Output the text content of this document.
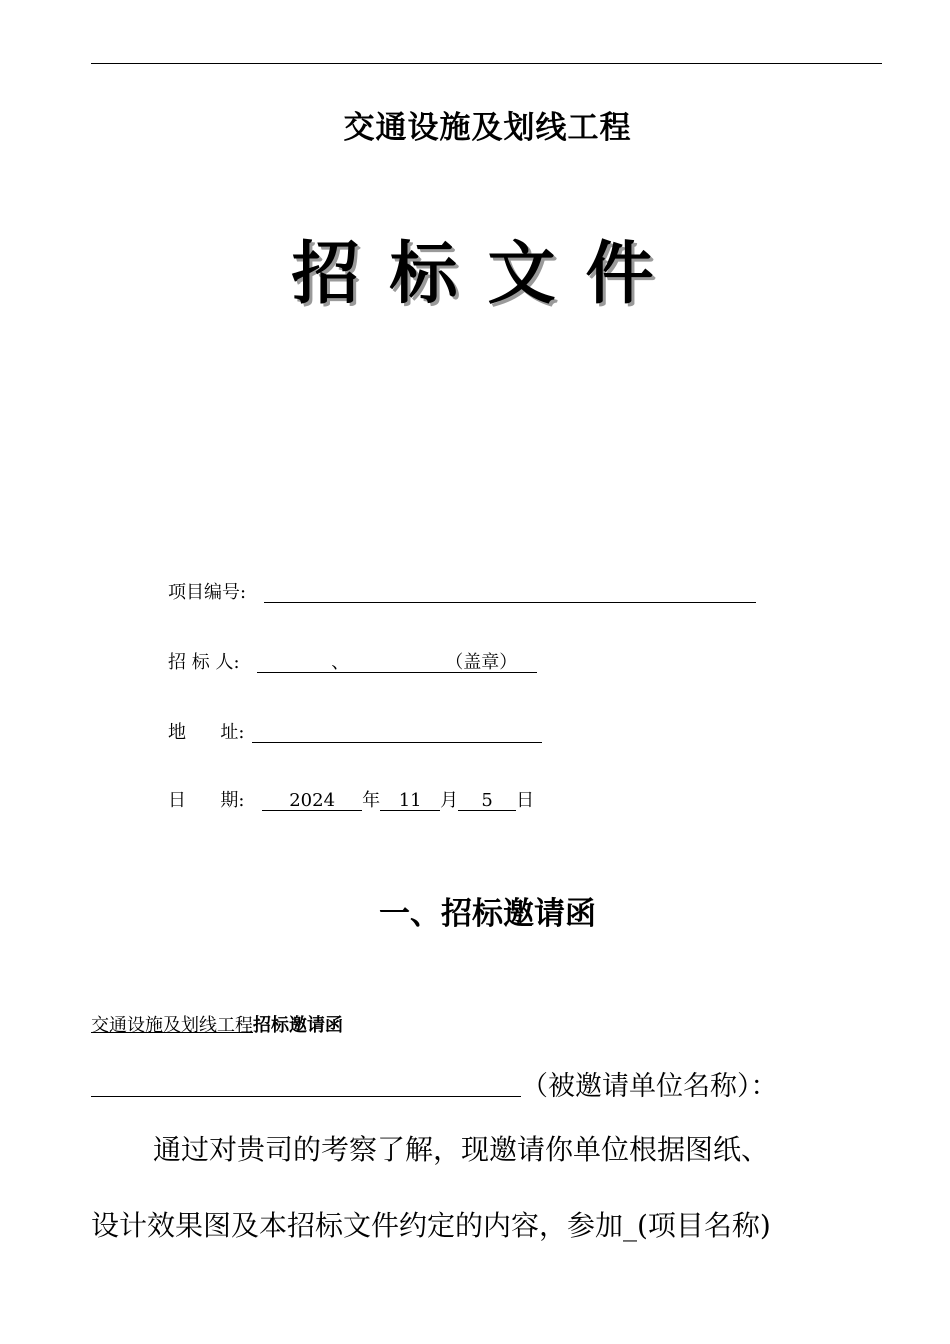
交通设施及划线工程
招标文件
项目编号:
招 标 人:	、	（盖章）
地      址:
日      期: 2024 年 11 月 5 日
一、招标邀请函
交通设施及划线工程招标邀请函
（被邀请单位名称）：
通过对贵司的考察了解，现邀请你单位根据图纸、
设计效果图及本招标文件约定的内容，参加_(项目名称)
